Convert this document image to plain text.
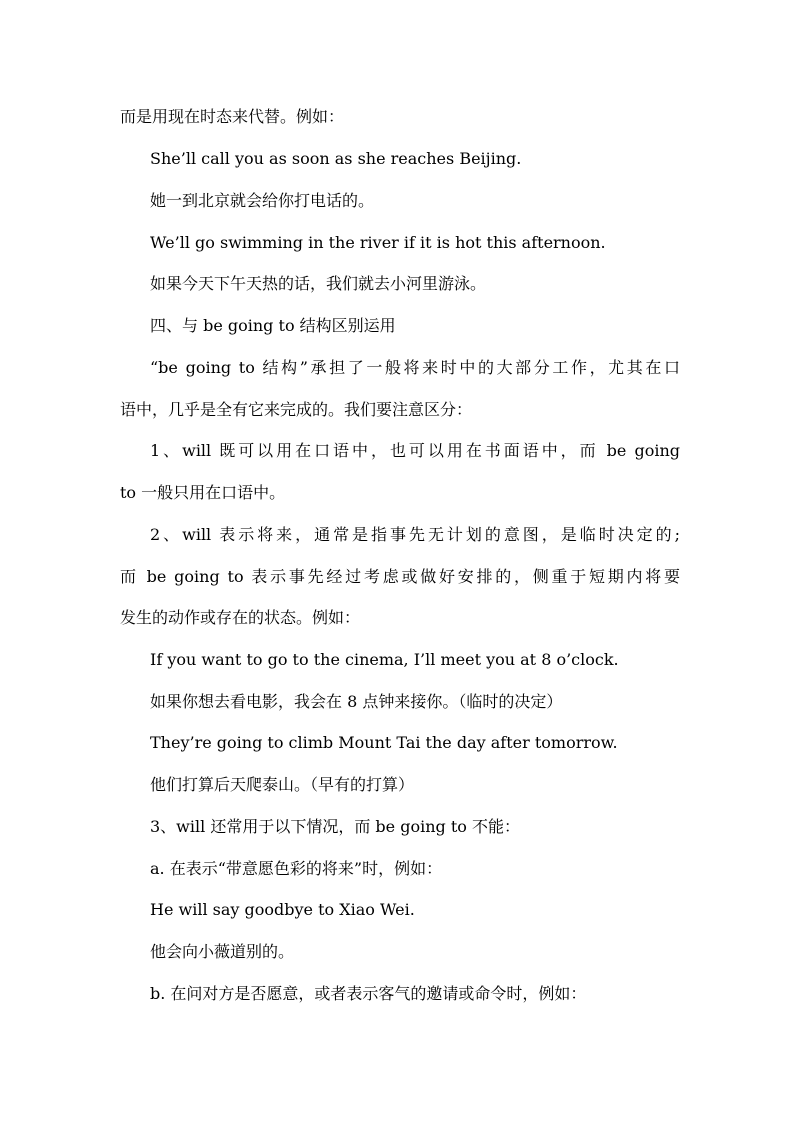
而是用现在时态来代替。例如：
She’ll call you as soon as she reaches Beijing.
她一到北京就会给你打电话的。
We’ll go swimming in the river if it is hot this afternoon.
如果今天下午天热的话，我们就去小河里游泳。
四、与 be going to 结构区别运用
“be going to 结构”承担了一般将来时中的大部分工作，尤其在口
语中，几乎是全有它来完成的。我们要注意区分：
1、will 既可以用在口语中，也可以用在书面语中，而 be going
to 一般只用在口语中。
2、will 表示将来，通常是指事先无计划的意图，是临时决定的;
而 be going to 表示事先经过考虑或做好安排的，侧重于短期内将要
发生的动作或存在的状态。例如：
If you want to go to the cinema, I’ll meet you at 8 o’clock.
如果你想去看电影，我会在 8 点钟来接你。（临时的决定）
They’re going to climb Mount Tai the day after tomorrow.
他们打算后天爬泰山。（早有的打算）
3、will 还常用于以下情况，而 be going to 不能：
a. 在表示“带意愿色彩的将来”时，例如：
He will say goodbye to Xiao Wei.
他会向小薇道别的。
b. 在问对方是否愿意，或者表示客气的邀请或命令时，例如：
